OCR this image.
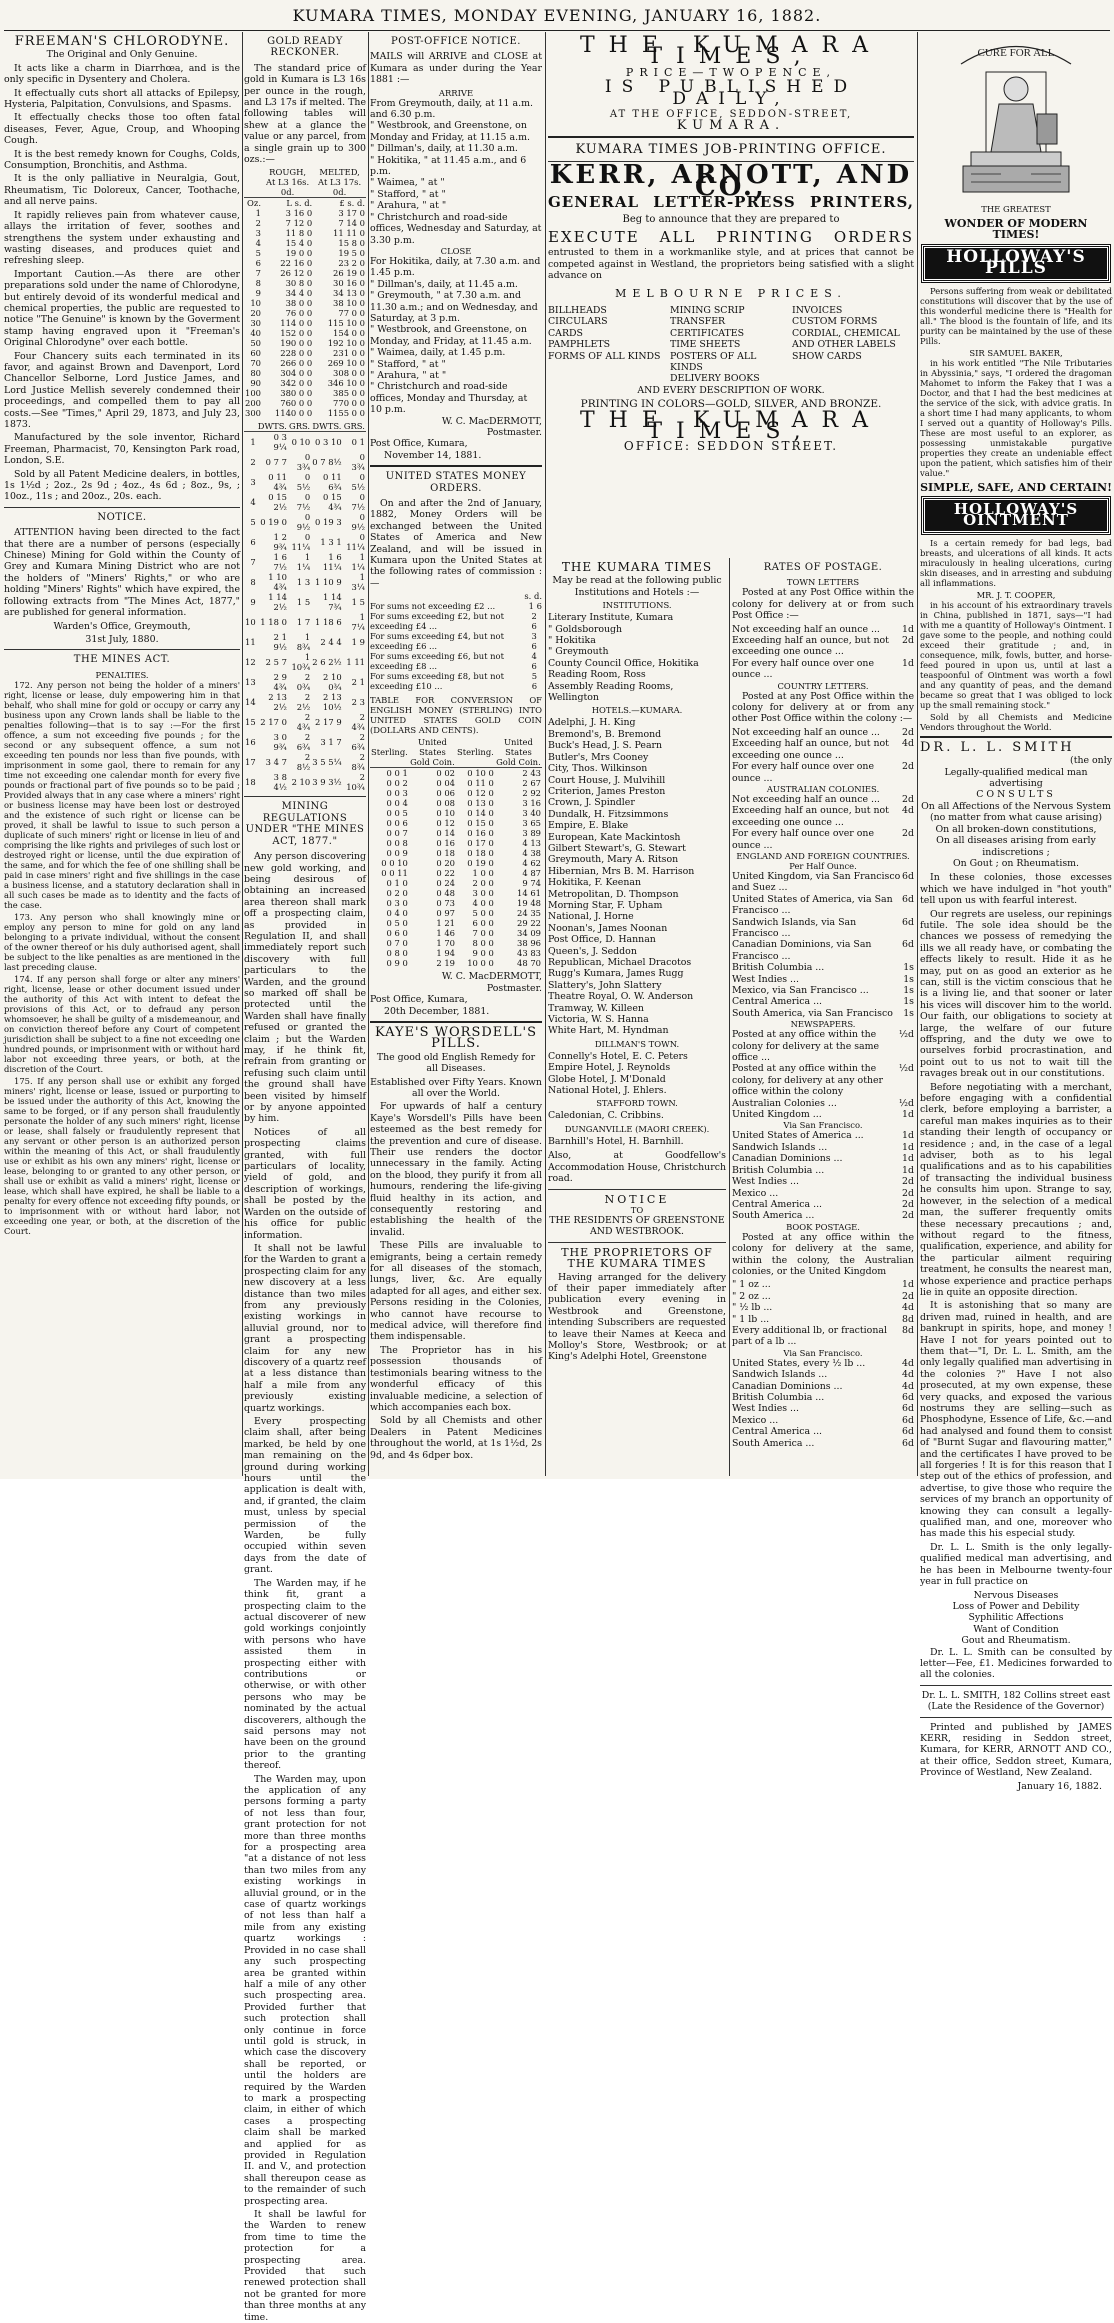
KUMARA TIMES, MONDAY EVENING, JANUARY 16, 1882.
FREEMAN'S CHLORODYNE.

The Original and Only Genuine.

It acts like a charm in Diarrhœa, and is the only specific in Dysentery and Cholera.

It effectually cuts short all attacks of Epilepsy, Hysteria, Palpitation, Convulsions, and Spasms.

It effectually checks those too often fatal diseases, Fever, Ague, Croup, and Whooping Cough.

It is the best remedy known for Coughs, Colds, Consumption, Bronchitis, and Asthma.

It is the only palliative in Neuralgia, Gout, Rheumatism, Tic Doloreux, Cancer, Toothache, and all nerve pains.

It rapidly relieves pain from whatever cause, allays the irritation of fever, soothes and strengthens the system under exhausting and wasting diseases, and produces quiet and refreshing sleep.

Important Caution.—As there are other preparations sold under the name of Chlorodyne, but entirely devoid of its wonderful medical and chemical properties, the public are requested to notice "The Genuine" is known by the Goverment stamp having engraved upon it "Freeman's Original Chlorodyne" over each bottle.

Four Chancery suits each terminated in its favor, and against Brown and Davenport, Lord Chancellor Selborne, Lord Justice James, and Lord Justice Mellish severely condemned their proceedings, and compelled them to pay all costs.—See "Times," April 29, 1873, and July 23, 1873.

Manufactured by the sole inventor, Richard Freeman, Pharmacist, 70, Kensington Park road, London, S.E.

Sold by all Patent Medicine dealers, in bottles, 1s 1½d ; 2oz., 2s 9d ; 4oz., 4s 6d ; 8oz., 9s, ; 10oz., 11s ; and 20oz., 20s. each.

NOTICE.

ATTENTION having been directed to the fact that there are a number of persons (especially Chinese) Mining for Gold within the County of Grey and Kumara Mining District who are not the holders of "Miners' Rights," or who are holding "Miners' Rights" which have expired, the following extracts from "The Mines Act, 1877," are published for general information.

Warden's Office, Greymouth,

31st July, 1880.

THE MINES ACT.
PENALTIES.

172. Any person not being the holder of a miners' right, license or lease, duly empowering him in that behalf, who shall mine for gold or occupy or carry any business upon any Crown lands shall be liable to the penalties following—that is to say :—For the first offence, a sum not exceeding five pounds ; for the second or any subsequent offence, a sum not exceeding ten pounds nor less than five pounds, with imprisonment in some gaol, there to remain for any time not exceeding one calendar month for every five pounds or fractional part of five pounds so to be paid ; Provided always that in any case where a miners' right or business license may have been lost or destroyed and the existence of such right or license can be proved, it shall be lawful to issue to such person a duplicate of such miners' right or license in lieu of and comprising the like rights and privileges of such lost or destroyed right or license, until the due expiration of the same, and for which the fee of one shilling shall be paid in case miners' right and five shillings in the case a business license, and a statutory declaration shall in all such cases be made as to identity and the facts of the case.

173. Any person who shall knowingly mine or employ any person to mine for gold on any land belonging to a private individual, without the consent of the owner thereof or his duly authorised agent, shall be subject to the like penalties as are mentioned in the last preceding clause.

174. If any person shall forge or alter any miners' right, license, lease or other document issued under the authority of this Act with intent to defeat the provisions of this Act, or to defraud any person whomsoever, he shall be guilty of a misdemeanour, and on conviction thereof before any Court of competent jurisdiction shall be subject to a fine not exceeding one hundred pounds, or imprisonment with or without hard labor not exceeding three years, or both, at the discretion of the Court.

175. If any person shall use or exhibit any forged miners' right, license or lease, issued or purporting to be issued under the authority of this Act, knowing the same to be forged, or if any person shall fraudulently personate the holder of any such miners' right, license or lease, shall falsely or fraudulently represent that any servant or other person is an authorized person within the meaning of this Act, or shall fraudulently use or exhibit as his own any miners' right, license or lease, belonging to or granted to any other person, or shall use or exhibit as valid a miners' right, license or lease, which shall have expired, he shall be liable to a penalty for every offence not exceeding fifty pounds, or to imprisonment with or without hard labor, not exceeding one year, or both, at the discretion of the Court.

GOLD READY RECKONER.

The standard price of gold in Kumara is L3 16s per ounce in the rough, and L3 17s if melted. The following tables will shew at a glance the value or any parcel, from a single grain up to 300 ozs.:—

	ROUGH,
At L3 16s. 0d.	MELTED,
At L3 17s. 0d.
Oz.	L s. d.	£ s. d.
1	3 16 0	3 17 0
2	7 12 0	7 14 0
3	11 8 0	11 11 0
4	15 4 0	15 8 0
5	19 0 0	19 5 0
6	22 16 0	23 2 0
7	26 12 0	26 19 0
8	30 8 0	30 16 0
9	34 4 0	34 13 0
10	38 0 0	38 10 0
20	76 0 0	77 0 0
30	114 0 0	115 10 0
40	152 0 0	154 0 0
50	190 0 0	192 10 0
60	228 0 0	231 0 0
70	266 0 0	269 10 0
80	304 0 0	308 0 0
90	342 0 0	346 10 0
100	380 0 0	385 0 0
200	760 0 0	770 0 0
300	1140 0 0	1155 0 0
	DWTS.	GRS.	DWTS.	GRS.
1	0 3 9¼	0 10	0 3 10	0 1
2	0 7 7	0 3¾	0 7 8½	0 3¾
3	0 11 4¾	0 5½	0 11 6¾	0 5½
4	0 15 2½	0 7½	0 15 4¾	0 7½
5	0 19 0	0 9½	0 19 3	0 9½
6	1 2 9¾	0 11¼	1 3 1	0 11¼
7	1 6 7½	1 1¼	1 6 11¼	1 1¼
8	1 10 4¾	1 3	1 10 9	1 3¼
9	1 14 2½	1 5	1 14 7¾	1 5
10	1 18 0	1 7	1 18 6	1 7¼
11	2 1 9½	1 8¾	2 4 4	1 9
12	2 5 7	1 10¾	2 6 2½	1 11
13	2 9 4¾	2 0¾	2 10 0¾	2 1
14	2 13 2½	2 2½	2 13 10½	2 3
15	2 17 0	2 4¾	2 17 9	2 4¾
16	3 0 9¾	2 6¾	3 1 7	2 6¾
17	3 4 7	2 8½	3 5 5¼	2 8¾
18	3 8 4½	2 10	3 9 3½	2 10¾
MINING REGULATIONS UNDER "THE MINES ACT, 1877."

Any person discovering new gold working, and being desirous of obtaining an increased area thereon shall mark off a prospecting claim, as provided in Regulation II, and shall immediately report such discovery with full particulars to the Warden, and the ground so marked off shall be protected until the Warden shall have finally refused or granted the claim ; but the Warden may, if he think fit, refrain from granting or refusing such claim until the ground shall have been visited by himself or by anyone appointed by him.

Notices of all prospecting claims granted, with full particulars of locality, yield of gold, and description of workings, shall be posted by the Warden on the outside of his office for public information.

It shall not be lawful for the Warden to grant a prospecting claim for any new discovery at a less distance than two miles from any previously existing workings in alluvial ground, nor to grant a prospecting claim for any new discovery of a quartz reef at a less distance than half a mile from any previously existing quartz workings.

Every prospecting claim shall, after being marked, be held by one man remaining on the ground during working hours until the application is dealt with, and, if granted, the claim must, unless by special permission of the Warden, be fully occupied within seven days from the date of grant.

The Warden may, if he think fit, grant a prospecting claim to the actual discoverer of new gold workings conjointly with persons who have assisted them in prospecting either with contributions or otherwise, or with other persons who may be nominated by the actual discoverers, although the said persons may not have been on the ground prior to the granting thereof.

The Warden may, upon the application of any persons forming a party of not less than four, grant protection for not more than three months for a prospecting area "at a distance of not less than two miles from any existing workings in alluvial ground, or in the case of quartz workings of not less than half a mile from any existing quartz workings : Provided in no case shall any such prospecting area be granted within half a mile of any other such prospecting area. Provided further that such protection shall only continue in force until gold is struck, in which case the discovery shall be reported, or until the holders are required by the Warden to mark a prospecting claim, in either of which cases a prospecting claim shall be marked and applied for as provided in Regulation II. and V., and protection shall thereupon cease as to the remainder of such prospecting area.

It shall be lawful for the Warden to renew from time to time the protection for a prospecting area. Provided that such renewed protection shall not be granted for more than three months at any time.

POST-OFFICE NOTICE.

MAILS will ARRIVE and CLOSE at Kumara as under during the Year 1881 :—

ARRIVE
From Greymouth, daily, at 11 a.m. and 6.30 p.m.
" Westbrook, and Greenstone, on Monday and Friday, at 11.15 a.m.
" Dillman's, daily, at 11.30 a.m.
" Hokitika, " at 11.45 a.m., and 6 p.m.
" Waimea, " at "
" Stafford, " at "
" Arahura, " at "
" Christchurch and road-side offices, Wednesday and Saturday, at 3.30 p.m.
CLOSE
For Hokitika, daily, at 7.30 a.m. and 1.45 p.m.
" Dillman's, daily, at 11.45 a.m.
" Greymouth, " at 7.30 a.m. and 11.30 a.m.; and on Wednesday, and Saturday, at 3 p.m.
" Westbrook, and Greenstone, on Monday, and Friday, at 11.45 a.m.
" Waimea, daily, at 1.45 p.m.
" Stafford, " at "
" Arahura, " at "
" Christchurch and road-side offices, Monday and Thursday, at 10 p.m.
W. C. MacDERMOTT,
Postmaster.
Post Office, Kumara,
November 14, 1881.
UNITED STATES MONEY ORDERS.

On and after the 2nd of January, 1882, Money Orders will be exchanged between the United States of America and New Zealand, and will be issued in Kumara upon the United States at the following rates of commission :—

s. d.
For sums not exceeding £2 ...	1 6
For sums exceeding £2, but not exceeding £4 ...
2 6
For sums exceeding £4, but not exceeding £6 ...
3 6
For sums exceeding £6, but not exceeding £8 ...
4 6
For sums exceeding £8, but not exceeding £10 ...
5 6

TABLE FOR CONVERSION OF ENGLISH MONEY (STERLING) INTO UNITED STATES GOLD COIN (DOLLARS AND CENTS).

Sterling.	United States Gold Coin.	Sterling.	United States Gold Coin.
0 0 1	0 02	0 10 0	2 43
0 0 2	0 04	0 11 0	2 67
0 0 3	0 06	0 12 0	2 92
0 0 4	0 08	0 13 0	3 16
0 0 5	0 10	0 14 0	3 40
0 0 6	0 12	0 15 0	3 65
0 0 7	0 14	0 16 0	3 89
0 0 8	0 16	0 17 0	4 13
0 0 9	0 18	0 18 0	4 38
0 0 10	0 20	0 19 0	4 62
0 0 11	0 22	1 0 0	4 87
0 1 0	0 24	2 0 0	9 74
0 2 0	0 48	3 0 0	14 61
0 3 0	0 73	4 0 0	19 48
0 4 0	0 97	5 0 0	24 35
0 5 0	1 21	6 0 0	29 22
0 6 0	1 46	7 0 0	34 09
0 7 0	1 70	8 0 0	38 96
0 8 0	1 94	9 0 0	43 83
0 9 0	2 19	10 0 0	48 70
W. C. MacDERMOTT,
Postmaster.
Post Office, Kumara,
20th December, 1881.
KAYE'S WORSDELL'S PILLS.

The good old English Remedy for all Diseases.

Established over Fifty Years. Known all over the World.

For upwards of half a century Kaye's Worsdell's Pills have been esteemed as the best remedy for the prevention and cure of disease. Their use renders the doctor unnecessary in the family. Acting on the blood, they purify it from all humours, rendering the life-giving fluid healthy in its action, and consequently restoring and establishing the health of the invalid.

These Pills are invaluable to emigrants, being a certain remedy for all diseases of the stomach, lungs, liver, &c. Are equally adapted for all ages, and either sex. Persons residing in the Colonies, who cannot have recourse to medical advice, will therefore find them indispensable.

The Proprietor has in his possession thousands of testimonials bearing witness to the wonderful efficacy of this invaluable medicine, a selection of which accompanies each box.

Sold by all Chemists and other Dealers in Patent Medicines throughout the world, at 1s 1½d, 2s 9d, and 4s 6dper box.

THE KUMARA TIMES,
PRICE—TWOPENCE,
IS PUBLISHED DAILY,
AT THE OFFICE, SEDDON-STREET,
KUMARA.
KUMARA TIMES JOB-PRINTING OFFICE.
KERR, ARNOTT, AND CO.,
GENERAL LETTER-PRESS PRINTERS,
Beg to announce that they are prepared to
EXECUTE ALL PRINTING ORDERS

entrusted to them in a workmanlike style, and at prices that cannot be competed against in Westland, the proprietors being satisfied with a slight advance on

MELBOURNE PRICES.
BILLHEADS
CIRCULARS
CARDS
PAMPHLETS
FORMS OF ALL KINDS
MINING SCRIP
TRANSFER CERTIFICATES
TIME SHEETS
POSTERS OF ALL KINDS
DELIVERY BOOKS
INVOICES
CUSTOM FORMS
CORDIAL, CHEMICAL
AND OTHER LABELS
SHOW CARDS
AND EVERY DESCRIPTION OF WORK.
PRINTING IN COLORS—GOLD, SILVER, AND BRONZE.
THE KUMARA TIMES,
OFFICE: SEDDON STREET.
THE KUMARA TIMES

May be read at the following public Institutions and Hotels :—

INSTITUTIONS.
Literary Institute, Kumara
" Goldsborough
" Hokitika
" Greymouth
County Council Office, Hokitika
Reading Room, Ross
Assembly Reading Rooms, Wellington
HOTELS.—KUMARA.
Adelphi, J. H. King
Bremond's, B. Bremond
Buck's Head, J. S. Pearn
Butler's, Mrs Cooney
City, Thos. Wilkinson
Court House, J. Mulvihill
Criterion, James Preston
Crown, J. Spindler
Dundalk, H. Fitzsimmons
Empire, E. Blake
European, Kate Mackintosh
Gilbert Stewart's, G. Stewart
Greymouth, Mary A. Ritson
Hibernian, Mrs B. M. Harrison
Hokitika, F. Keenan
Metropolitan, D. Thompson
Morning Star, F. Upham
National, J. Horne
Noonan's, James Noonan
Post Office, D. Hannan
Queen's, J. Seddon
Republican, Michael Dracotos
Rugg's Kumara, James Rugg
Slattery's, John Slattery
Theatre Royal, O. W. Anderson
Tramway, W. Killeen
Victoria, W. S. Hanna
White Hart, M. Hyndman
DILLMAN'S TOWN.
Connelly's Hotel, E. C. Peters
Empire Hotel, J. Reynolds
Globe Hotel, J. M'Donald
National Hotel, J. Ehlers.
STAFFORD TOWN.
Caledonian, C. Cribbins.
DUNGANVILLE (MAORI CREEK).
Barnhill's Hotel, H. Barnhill.

Also, at Goodfellow's Accommodation House, Christchurch road.

NOTICE
TO

THE RESIDENTS OF GREENSTONE AND WESTBROOK.

THE PROPRIETORS OF THE KUMARA TIMES

Having arranged for the delivery of their paper immediately after publication every evening in Westbrook and Greenstone, intending Subscribers are requested to leave their Names at Keeca and Molloy's Store, Westbrook; or at King's Adelphi Hotel, Greenstone

RATES OF POSTAGE.
TOWN LETTERS

Posted at any Post Office within the colony for delivery at or from such Post Office :—

Not exceeding half an ounce ... 1d
Exceeding half an ounce, but not exceeding one ounce ...
2d
For every half ounce over one ounce ...
1d
COUNTRY LETTERS.

Posted at any Post Office within the colony for delivery at or from any other Post Office within the colony :—

Not exceeding half an ounce ... 2d
Exceeding half an ounce, but not exceeding one ounce ...
4d
For every half ounce over one ounce ...
2d
AUSTRALIAN COLONIES.
Not exceeding half an ounce ... 2d
Exceeding half an ounce, but not exceeding one ounce ...
4d
For every half ounce over one ounce ...
2d
ENGLAND AND FOREIGN COUNTRIES. Per Half Ounce.
United Kingdom, via San Francisco and Suez ...
6d
United States of America, via San Francisco ...
6d
Sandwich Islands, via San Francisco ...
6d
Canadian Dominions, via San Francisco ...
6d
British Columbia ...	1s
West Indies ...	1s
Mexico, via San Francisco ...	1s
Central America ...	1s
South America, via San Francisco 1s
NEWSPAPERS.
Posted at any office within the colony for delivery at the same office ...
½d
Posted at any office within the colony, for delivery at any other office within the colony
½d
Australian Colonies ...	½d
United Kingdom ...	1d
Via San Francisco.
United States of America ...	1d
Sandwich Islands ...	1d
Canadian Dominions ...	1d
British Columbia ...	1d
West Indies ...	2d
Mexico ...	2d
Central America ...	2d
South America ...	2d
BOOK POSTAGE.

Posted at any office within the colony for delivery at the same, within the colony, the Australian colonies, or the United Kingdom

" 1 oz ...	1d
" 2 oz ...	2d
" ½ lb ...	4d
" 1 lb ...	8d
Every additional lb, or fractional part of a lb ...
8d
Via San Francisco.
United States, every ½ lb ...	4d
Sandwich Islands ...	4d
Canadian Dominions ...	4d
British Columbia ...	6d
West Indies ...	6d
Mexico ...	6d
Central America ...	6d
South America ...	6d
CURE FOR ALL
THE GREATEST
WONDER OF MODERN TIMES!
HOLLOWAY'S PILLS

Persons suffering from weak or debilitated constitutions will discover that by the use of this wonderful medicine there is "Health for all." The blood is the fountain of life, and its purity can be maintained by the use of these Pills.

SIR SAMUEL BAKER,

in his work entitled "The Nile Tributaries in Abyssinia," says, "I ordered the dragoman Mahomet to inform the Fakey that I was a Doctor, and that I had the best medicines at the service of the sick, with advice gratis. In a short time I had many applicants, to whom I served out a quantity of Holloway's Pills. These are most useful to an explorer, as possessing unmistakable purgative properties they create an undeniable effect upon the patient, which satisfies him of their value."

SIMPLE, SAFE, AND CERTAIN!
HOLLOWAY'S OINTMENT

Is a certain remedy for bad legs, bad breasts, and ulcerations of all kinds. It acts miraculously in healing ulcerations, curing skin diseases, and in arresting and subduing all inflammations.

MR. J. T. COOPER,

in his account of his extraordinary travels in China, published in 1871, says—"I had with me a quantity of Holloway's Ointment. I gave some to the people, and nothing could exceed their gratitude ; and, in consequence, milk, fowls, butter, and horse-feed poured in upon us, until at last a teaspoonful of Ointment was worth a fowl and any quantity of peas, and the demand became so great that I was obliged to lock up the small remaining stock."

Sold by all Chemists and Medicine Vendors throughout the World.

DR. L. L. SMITH
(the only
Legally-qualified medical man advertising
CONSULTS
On all Affections of the Nervous System (no matter from what cause arising)
On all broken-down constitutions,
On all diseases arising from early indiscretions ;
On Gout ; on Rheumatism.

In these colonies, those excesses which we have indulged in "hot youth" tell upon us with fearful interest.

Our regrets are useless, our repinings futile. The sole idea should be the chances we possess of remedying the ills we all ready have, or combating the effects likely to result. Hide it as he may, put on as good an exterior as he can, still is the victim conscious that he is a living lie, and that sooner or later his vices will discover him to the world. Our faith, our obligations to society at large, the welfare of our future offspring, and the duty we owe to ourselves forbid procrastination, and point out to us not to wait till the ravages break out in our constitutions.

Before negotiating with a merchant, before engaging with a confidential clerk, before employing a barrister, a careful man makes inquiries as to their standing their length of occupancy or residence ; and, in the case of a legal adviser, both as to his legal qualifications and as to his capabilities of transacting the individual business he consults him upon. Strange to say, however, in the selection of a medical man, the sufferer frequently omits these necessary precautions ; and, without regard to the fitness, qualification, experience, and ability for the particular ailment requiring treatment, he consults the nearest man, whose experience and practice perhaps lie in quite an opposite direction.

It is astonishing that so many are driven mad, ruined in health, and are bankrupt in spirits, hope, and money ! Have I not for years pointed out to them that—"I, Dr. L. L. Smith, am the only legally qualified man advertising in the colonies ?" Have I not also prosecuted, at my own expense, these very quacks, and exposed the various nostrums they are selling—such as Phosphodyne, Essence of Life, &c.—and had analysed and found them to consist of "Burnt Sugar and flavouring matter," and the certificates I have proved to be all forgeries ! It is for this reason that I step out of the ethics of profession, and advertise, to give those who require the services of my branch an opportunity of knowing they can consult a legally-qualified man, and one, moreover who has made this his especial study.

Dr. L. L. Smith is the only legally-qualified medical man advertising, and he has been in Melbourne twenty-four year in full practice on

Nervous Diseases
Loss of Power and Debility
Syphilitic Affections
Want of Condition
Gout and Rheumatism.

Dr. L. L. Smith can be consulted by letter—Fee, £1. Medicines forwarded to all the colonies.

Dr. L. L. SMITH, 182 Collins street east (Late the Residence of the Governor)

Printed and published by JAMES KERR, residing in Seddon street, Kumara, for KERR, ARNOTT AND CO., at their office, Seddon street, Kumara, Province of Westland, New Zealand.

January 16, 1882.
